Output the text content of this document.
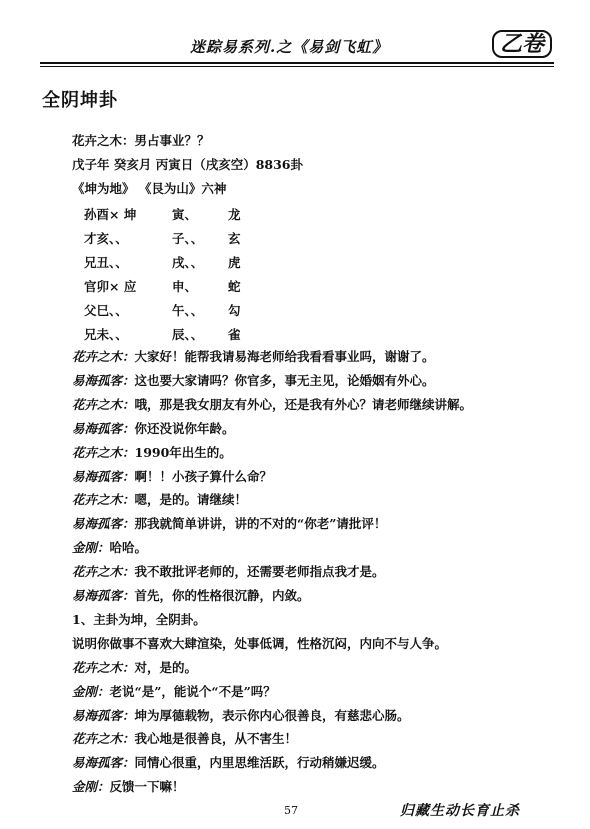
迷踪易系列.之《易剑飞虹》	乙卷
全阴坤卦
花卉之木：男占事业？？
戊子年 癸亥月 丙寅日（戌亥空）8836卦
《坤为地》 《艮为山》六神
孙酉× 坤	寅、 龙
才亥、、	子、、 玄
兄丑、、	戌、、 虎
官卯× 应	申、 蛇
父巳、、	午、、 勾
兄未、、	辰、、 雀
花卉之木：大家好！能帮我请易海老师给我看看事业吗，谢谢了。
易海孤客：这也要大家请吗？你官多，事无主见，论婚姻有外心。
花卉之木：哦，那是我女朋友有外心，还是我有外心？请老师继续讲解。
易海孤客：你还没说你年龄。
花卉之木：1990年出生的。
易海孤客：啊！！小孩子算什么命？
花卉之木：嗯，是的。请继续！
易海孤客：那我就简单讲讲，讲的不对的“你老”请批评！
金刚：哈哈。
花卉之木：我不敢批评老师的，还需要老师指点我才是。
易海孤客：首先，你的性格很沉静，内敛。
1、主卦为坤，全阴卦。
说明你做事不喜欢大肆渲染，处事低调，性格沉闷，内向不与人争。
花卉之木：对，是的。
金刚：老说“是”，能说个“不是”吗？
易海孤客：坤为厚德载物，表示你内心很善良，有慈悲心肠。
花卉之木：我心地是很善良，从不害生！
易海孤客：同情心很重，内里思维活跃，行动稍嫌迟缓。
金刚：反馈一下嘛！
57	归藏生动长育止杀
